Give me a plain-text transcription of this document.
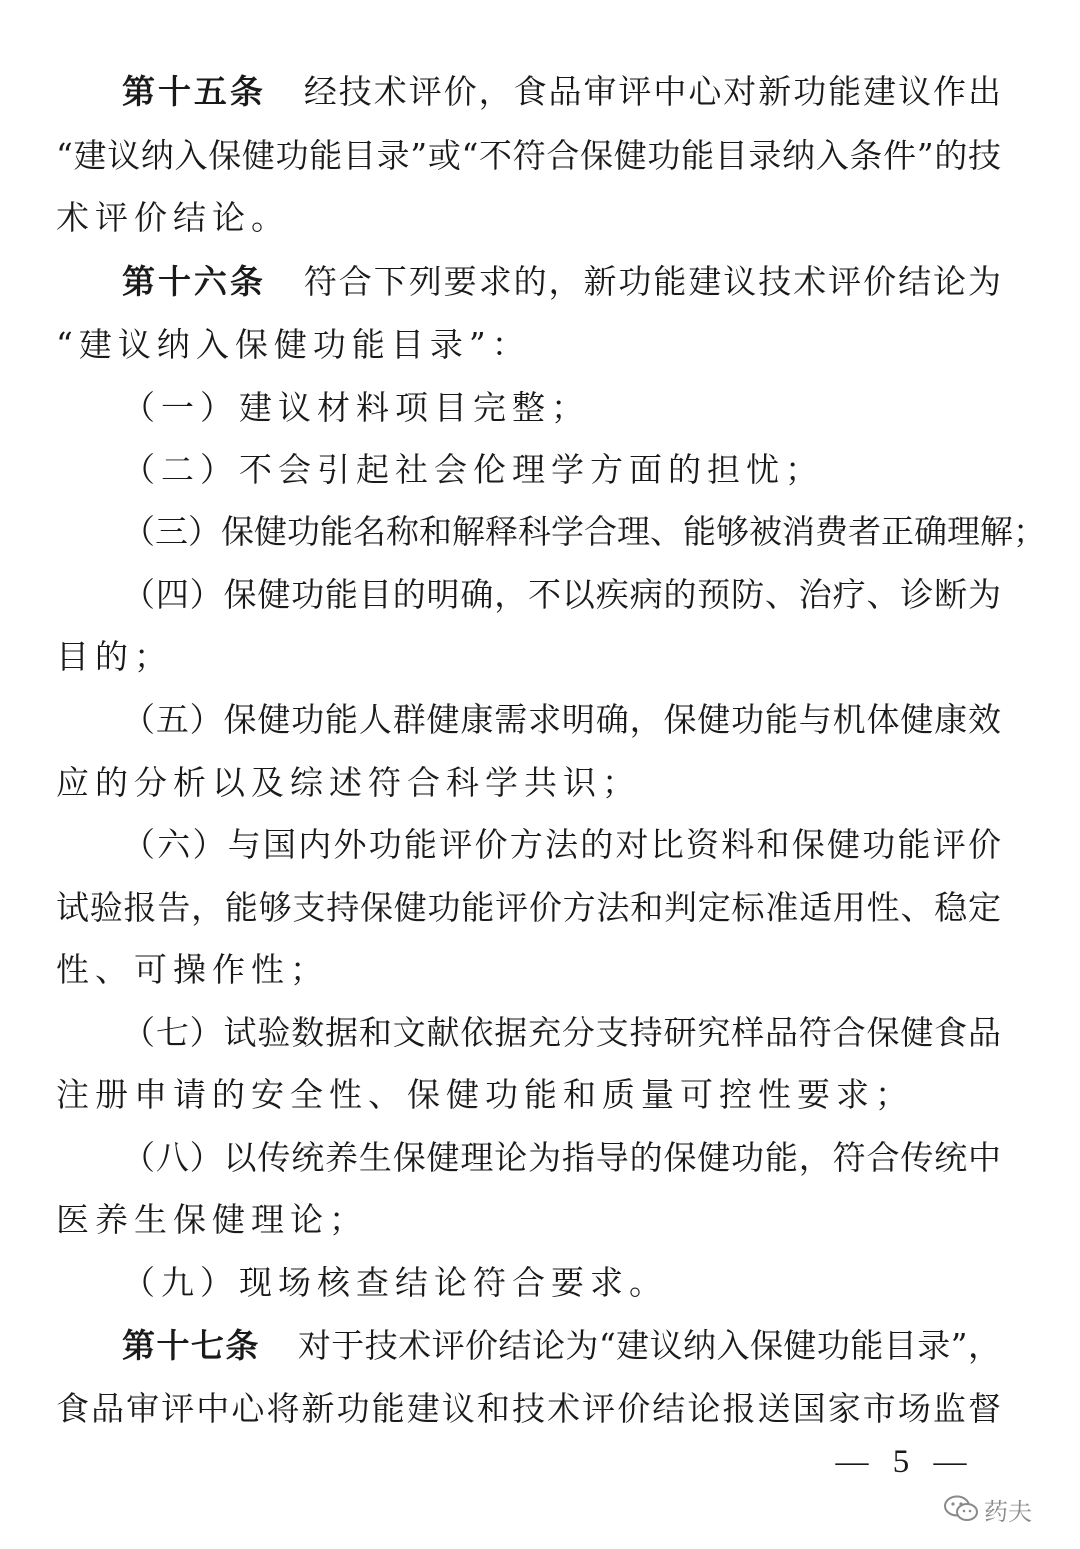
第十五条 经技术评价，食品审评中心对新功能建议作出
“建议纳入保健功能目录”或“不符合保健功能目录纳入条件”的技
术评价结论。
第十六条 符合下列要求的，新功能建议技术评价结论为
“建议纳入保健功能目录”：
（一）建议材料项目完整；
（二）不会引起社会伦理学方面的担忧；
（三）保健功能名称和解释科学合理、能够被消费者正确理解；
（四）保健功能目的明确，不以疾病的预防、治疗、诊断为
目的；
（五）保健功能人群健康需求明确，保健功能与机体健康效
应的分析以及综述符合科学共识；
（六）与国内外功能评价方法的对比资料和保健功能评价
试验报告，能够支持保健功能评价方法和判定标准适用性、稳定
性、可操作性；
（七）试验数据和文献依据充分支持研究样品符合保健食品
注册申请的安全性、保健功能和质量可控性要求；
（八）以传统养生保健理论为指导的保健功能，符合传统中
医养生保健理论；
（九）现场核查结论符合要求。
第十七条 对于技术评价结论为“建议纳入保健功能目录”，
食品审评中心将新功能建议和技术评价结论报送国家市场监督
— 5 —
药夫
